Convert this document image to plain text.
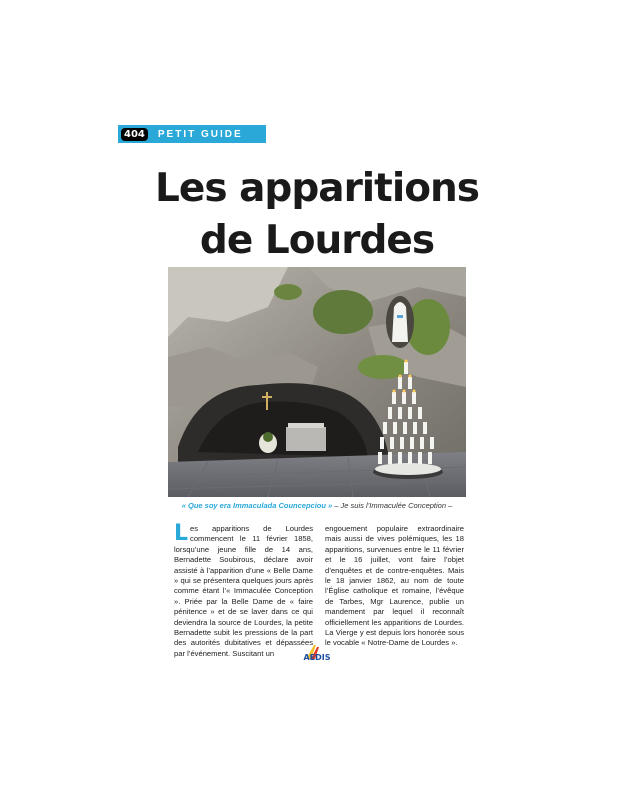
404	PETIT GUIDE
Les apparitions
de Lourdes
« Que soy era Immaculada Councepciou » – Je suis l’Immaculée Conception –
Les apparitions de Lourdes commencent le 11 février 1858, lorsqu’une jeune fille de 14 ans, Bernadette Soubirous, déclare avoir assisté à l’apparition d’une « Belle Dame » qui se présentera quelques jours après comme étant l’« Immaculée Conception ». Priée par la Belle Dame de « faire pénitence » et de se laver dans ce qui deviendra la source de Lourdes, la petite Bernadette subit les pressions de la part des autorités dubitatives et dépassées par l’événement. Suscitant un
engouement populaire extraordinaire mais aussi de vives polémiques, les 18 apparitions, survenues entre le 11 février et le 16 juillet, vont faire l’objet d’enquêtes et de contre-enquêtes. Mais le 18 janvier 1862, au nom de toute l’Église catholique et romaine, l’évêque de Tarbes, Mgr Laurence, publie un mandement par lequel il reconnaît officiellement les apparitions de Lourdes. La Vierge y est depuis lors honorée sous le vocable « Notre-Dame de Lourdes ».
AEDIS
